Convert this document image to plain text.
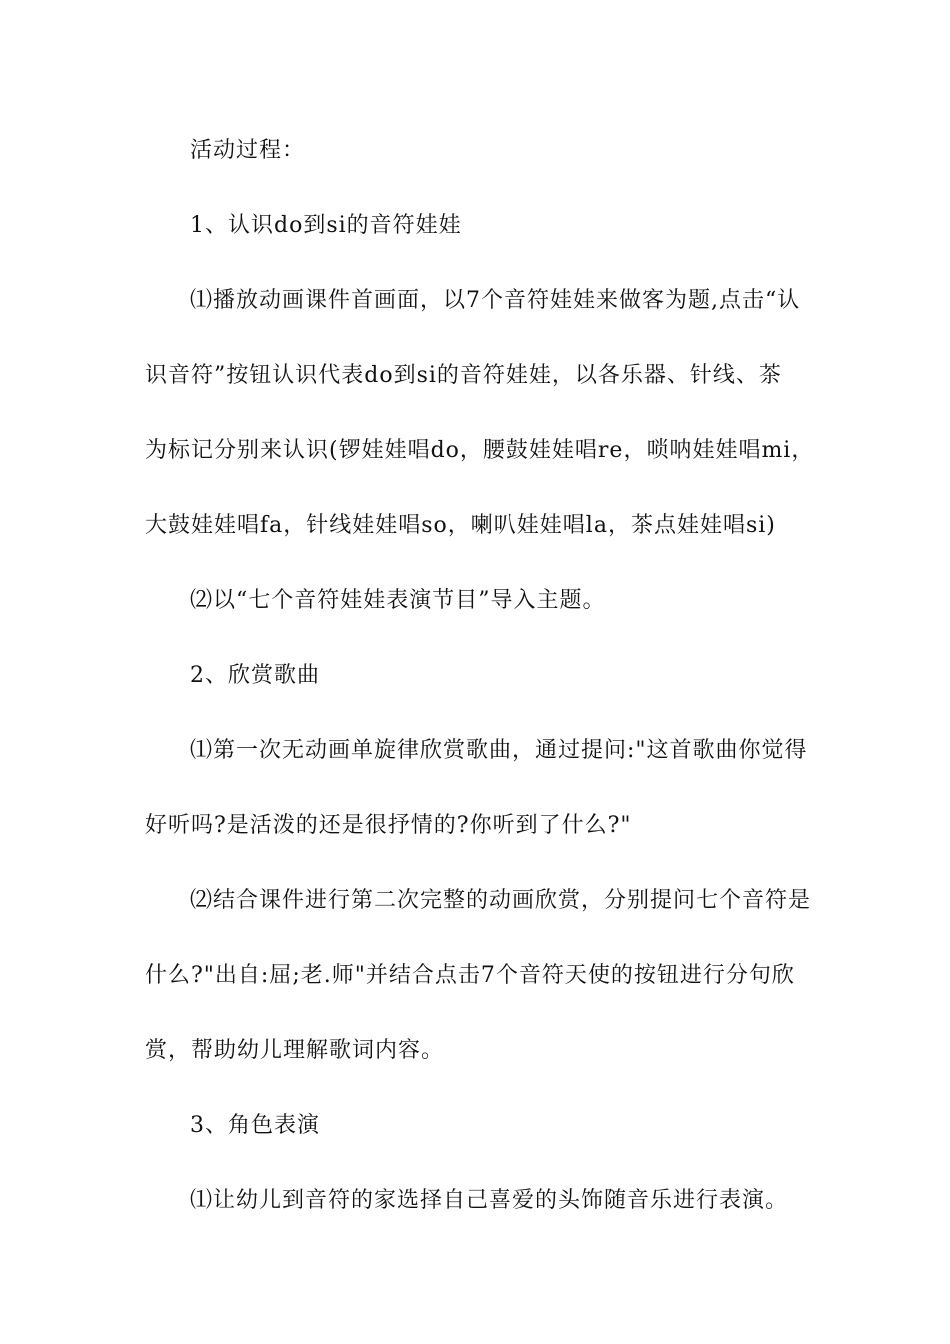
活动过程：
1、认识do到si的音符娃娃
⑴播放动画课件首画面，以7个音符娃娃来做客为题,点击“认
识音符”按钮认识代表do到si的音符娃娃，以各乐器、针线、茶
为标记分别来认识(锣娃娃唱do，腰鼓娃娃唱re，唢呐娃娃唱mi，
大鼓娃娃唱fa，针线娃娃唱so，喇叭娃娃唱la，茶点娃娃唱si)
⑵以“七个音符娃娃表演节目”导入主题。
2、欣赏歌曲
⑴第一次无动画单旋律欣赏歌曲，通过提问:"这首歌曲你觉得
好听吗?是活泼的还是很抒情的?你听到了什么?"
⑵结合课件进行第二次完整的动画欣赏，分别提问七个音符是
什么?"出自:屈;老.师"并结合点击7个音符天使的按钮进行分句欣
赏，帮助幼儿理解歌词内容。
3、角色表演
⑴让幼儿到音符的家选择自己喜爱的头饰随音乐进行表演。
